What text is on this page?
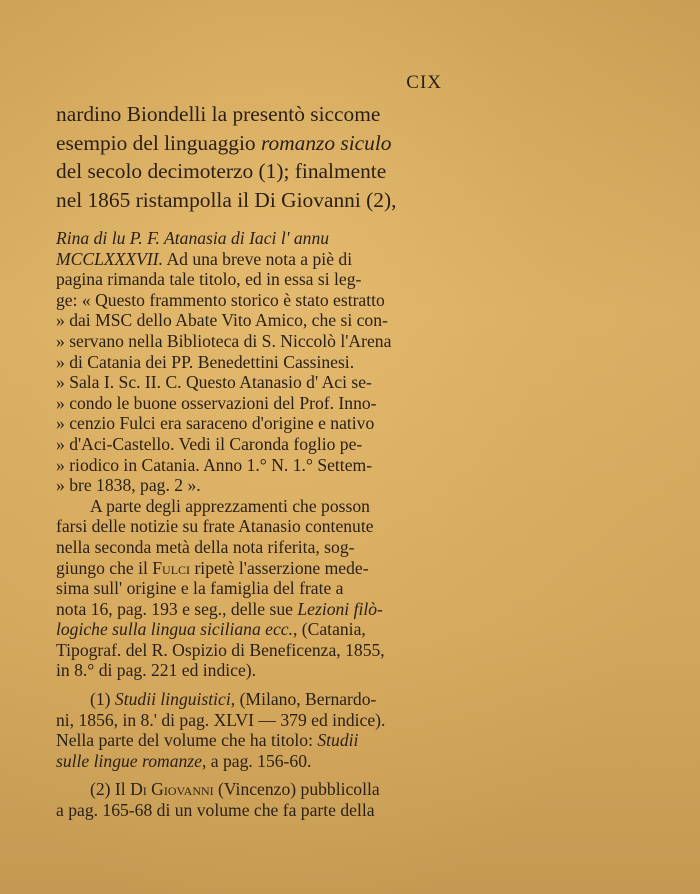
CIX

nardino Biondelli la presentò siccome

esempio del linguaggio romanzo siculo

del secolo decimoterzo (1); finalmente

nel 1865 ristampolla il Di Giovanni (2),

Rina di lu P. F. Atanasia di Iaci l' annu
MCCLXXXVII. Ad una breve nota a piè di
pagina rimanda tale titolo, ed in essa si leg-
ge: « Questo frammento storico è stato estratto
» dai MSC dello Abate Vito Amico, che si con-
» servano nella Biblioteca di S. Niccolò l'Arena
» di Catania dei PP. Benedettini Cassinesi.
» Sala I. Sc. II. C. Questo Atanasio d' Aci se-
» condo le buone osservazioni del Prof. Inno-
» cenzio Fulci era saraceno d'origine e nativo
» d'Aci-Castello. Vedi il Caronda foglio pe-
» riodico in Catania. Anno 1.° N. 1.° Settem-
» bre 1838, pag. 2 ».
A parte degli apprezzamenti che posson
farsi delle notizie su frate Atanasio contenute
nella seconda metà della nota riferita, sog-
giungo che il Fulci ripetè l'asserzione mede-
sima sull' origine e la famiglia del frate a
nota 16, pag. 193 e seg., delle sue Lezioni filò-
logiche sulla lingua siciliana ecc., (Catania,
Tipograf. del R. Ospizio di Beneficenza, 1855,
in 8.° di pag. 221 ed indice).
(1) Studii linguistici, (Milano, Bernardo-
ni, 1856, in 8.' di pag. XLVI — 379 ed indice).
Nella parte del volume che ha titolo: Studii
sulle lingue romanze, a pag. 156-60.
(2) Il Di Giovanni (Vincenzo) pubblicolla
a pag. 165-68 di un volume che fa parte della
